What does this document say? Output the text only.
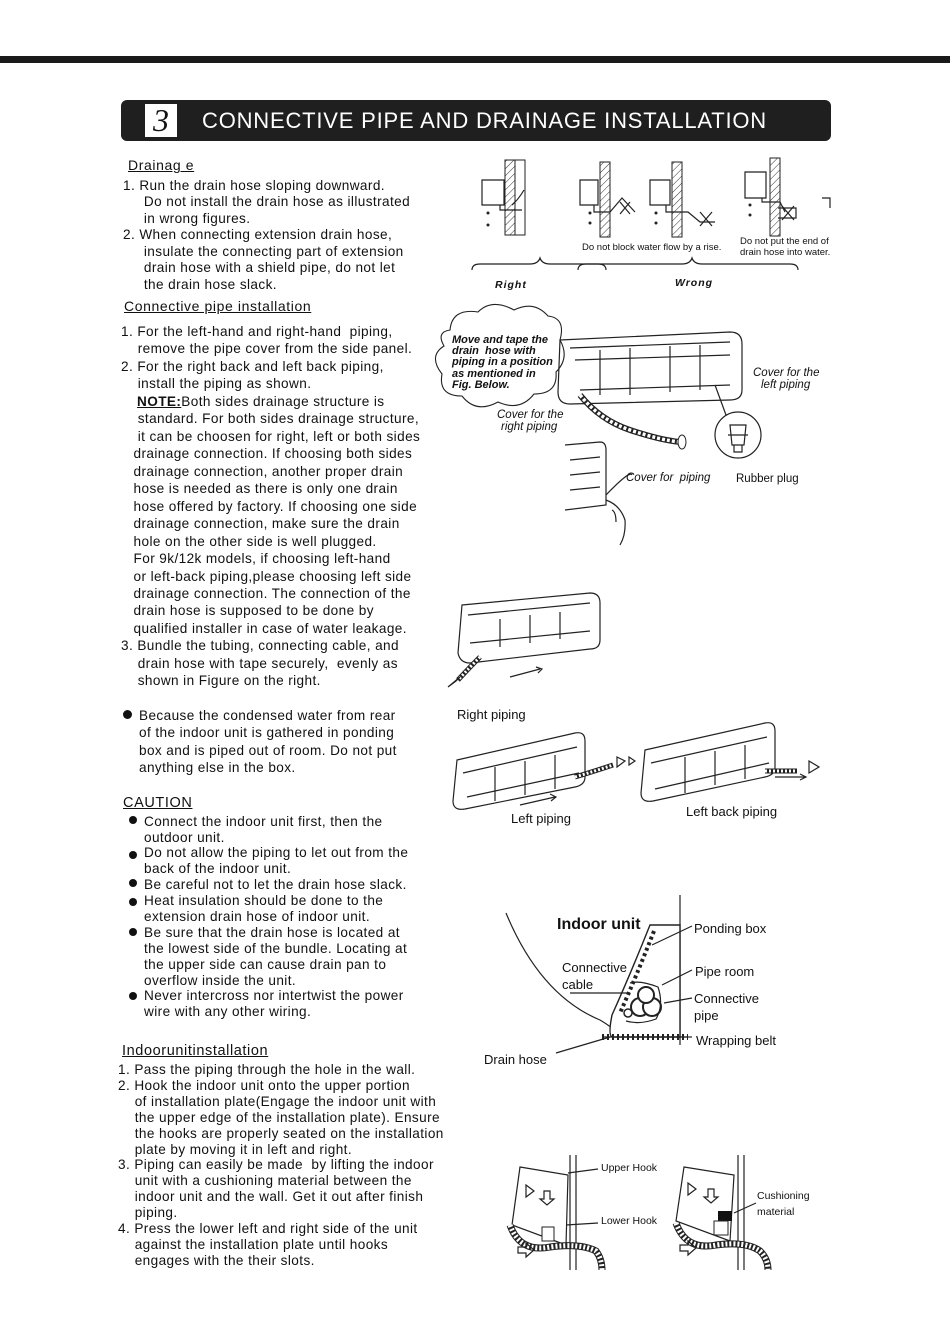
3	CONNECTIVE PIPE AND DRAINAGE INSTALLATION
Drainag e
1. Run the drain hose sloping downward.
Do not install the drain hose as illustrated
in wrong figures.
2. When connecting extension drain hose,
insulate the connecting part of extension
drain hose with a shield pipe, do not let
the drain hose slack.	Right	Wrong
Do not block water flow by a rise.
Do not put the end of
drain hose into water.
Connective pipe installation
1. For the left-hand and right-hand  piping,
remove the pipe cover from the side panel.
2. For the right back and left back piping,
install the piping as shown.
NOTE:Both sides drainage structure is
standard. For both sides drainage structure,
it can be choosen for right, left or both sides
drainage connection. If choosing both sides
drainage connection, another proper drain
hose is needed as there is only one drain
hose offered by factory. If choosing one side
drainage connection, make sure the drain
hole on the other side is well plugged.
For 9k/12k models, if choosing left-hand
or left-back piping,please choosing left side
drainage connection. The connection of the
drain hose is supposed to be done by
qualified installer in case of water leakage.
3. Bundle the tubing, connecting cable, and
drain hose with tape securely,  evenly as
shown in Figure on the right.
Move and tape the
drain  hose with
piping in a position
as mentioned in
Fig. Below.
Cover for the
right piping
Cover for the
left piping
Cover for  piping Rubber plug
Because the condensed water from rear
of the indoor unit is gathered in ponding
box and is piped out of room. Do not put
anything else in the box.
Right piping
Left piping	Left back piping
CAUTION
Connect the indoor unit first, then the
outdoor unit.
Do not allow the piping to let out from the
back of the indoor unit.
Be careful not to let the drain hose slack.
Heat insulation should be done to the
extension drain hose of indoor unit.
Be sure that the drain hose is located at
the lowest side of the bundle. Locating at
the upper side can cause drain pan to
overflow inside the unit.
Never intercross nor intertwist the power
wire with any other wiring.
Indoor unit	Ponding box
Connective
cable
Pipe room
Connective
pipe
Wrapping belt
Drain hose
Indoorunitinstallation
1. Pass the piping through the hole in the wall.
2. Hook the indoor unit onto the upper portion
of installation plate(Engage the indoor unit with
the upper edge of the installation plate). Ensure
the hooks are properly seated on the installation
plate by moving it in left and right.
3. Piping can easily be made  by lifting the indoor
unit with a cushioning material between the
indoor unit and the wall. Get it out after finish
piping.
4. Press the lower left and right side of the unit
against the installation plate until hooks
engages with the their slots.
Upper Hook
Lower Hook
Cushioning
material
